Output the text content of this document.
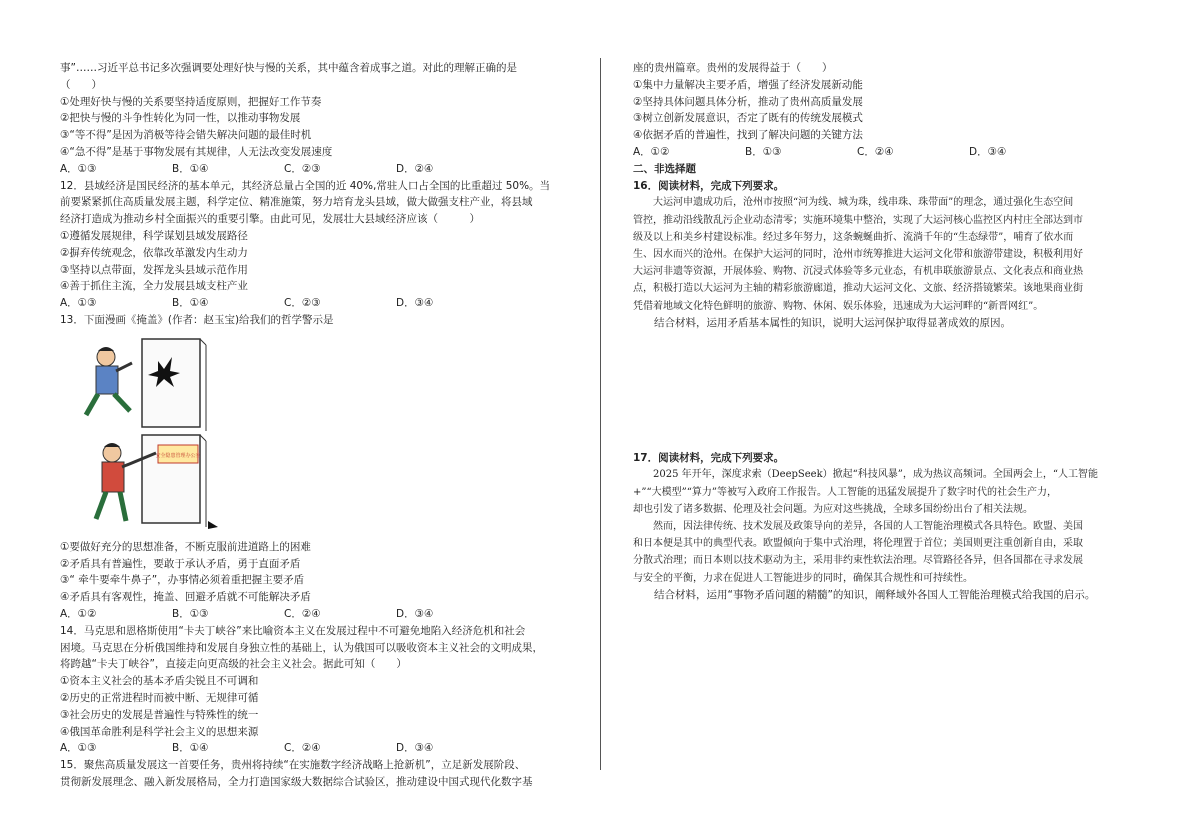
事”……习近平总书记多次强调要处理好快与慢的关系，其中蕴含着成事之道。对此的理解正确的是
（　　）
①处理好快与慢的关系要坚持适度原则，把握好工作节奏
②把快与慢的斗争性转化为同一性，以推动事物发展
③“等不得”是因为消极等待会错失解决问题的最佳时机
④“急不得”是基于事物发展有其规律，人无法改变发展速度
A．①③	B．①④	C．②③	D．②④
12．县域经济是国民经济的基本单元，其经济总量占全国的近 40%,常驻人口占全国的比重超过 50%。当
前要紧紧抓住高质量发展主题，科学定位、精准施策，努力培育龙头县域，做大做强支柱产业，将县域
经济打造成为推动乡村全面振兴的重要引擎。由此可见，发展壮大县域经济应该（　　　）
①遵循发展规律，科学谋划县域发展路径
②摒弃传统观念，依靠改革激发内生动力
③坚持以点带面，发挥龙头县域示范作用
④善于抓住主流，全力发展县域支柱产业
A．①③	B．①④	C．②③	D．③④
13．下面漫画《掩盖》(作者：赵玉宝)给我们的哲学警示是
安全隐患管理办公室
①要做好充分的思想准备，不断克服前进道路上的困难
②矛盾具有普遍性，要敢于承认矛盾，勇于直面矛盾
③“ 牵牛要牵牛鼻子”，办事情必须着重把握主要矛盾
④矛盾具有客观性，掩盖、回避矛盾就不可能解决矛盾
A．①②	B．①③	C．②④	D．③④
14．马克思和恩格斯使用“卡夫丁峡谷”来比喻资本主义在发展过程中不可避免地陷入经济危机和社会
困境。马克思在分析俄国维持和发展自身独立性的基础上，认为俄国可以吸收资本主义社会的文明成果，
将跨越“卡夫丁峡谷”，直接走向更高级的社会主义社会。据此可知（　　）
①资本主义社会的基本矛盾尖锐且不可调和
②历史的正常进程时而被中断、无规律可循
③社会历史的发展是普遍性与特殊性的统一
④俄国革命胜利是科学社会主义的思想来源
A．①③	B．①④	C．②④	D．③④
15．聚焦高质量发展这一首要任务，贵州将持续“在实施数字经济战略上抢新机”，立足新发展阶段、
贯彻新发展理念、融入新发展格局，全力打造国家级大数据综合试验区，推动建设中国式现代化数字基
座的贵州篇章。贵州的发展得益于（　　）
①集中力量解决主要矛盾，增强了经济发展新动能
②坚持具体问题具体分析，推动了贵州高质量发展
③树立创新发展意识，否定了既有的传统发展模式
④依据矛盾的普遍性，找到了解决问题的关键方法
A．①②	B．①③	C．②④	D．③④
二、非选择题
16．阅读材料，完成下列要求。
　　大运河申遗成功后，沧州市按照“河为线、城为珠，线串珠、珠带面”的理念，通过强化生态空间
管控，推动沿线散乱污企业动态清零；实施环境集中整治，实现了大运河核心监控区内村庄全部达到市
级及以上和美乡村建设标准。经过多年努力，这条蜿蜒曲折、流淌千年的“生态绿带”，哺育了依水而
生、因水而兴的沧州。在保护大运河的同时，沧州市统筹推进大运河文化带和旅游带建设，积极利用好
大运河非遗等资源，开展体验、购物、沉浸式体验等多元业态，有机串联旅游景点、文化表点和商业热
点，积极打造以大运河为主轴的精彩旅游廊道，推动大运河文化、文旅、经济搭镜繁荣。该地果商业街
凭借着地域文化特色鲜明的旅游、购物、休闲、娱乐体验，迅速成为大运河畔的“新晋网红”。
　　结合材料，运用矛盾基本属性的知识，说明大运河保护取得显著成效的原因。
17．阅读材料，完成下列要求。
　　2025 年开年，深度求索（DeepSeek）掀起“科技风暴”，成为热议高频词。全国两会上，“人工智能
+”“大模型”“算力”等被写入政府工作报告。人工智能的迅猛发展提升了数字时代的社会生产力，
却也引发了诸多数据、伦理及社会问题。为应对这些挑战，全球多国纷纷出台了相关法规。
　　然而，因法律传统、技术发展及政策导向的差异，各国的人工智能治理模式各具特色。欧盟、美国
和日本便是其中的典型代表。欧盟倾向于集中式治理，将伦理置于首位；美国则更注重创新自由，采取
分散式治理；而日本则以技术驱动为主，采用非约束性软法治理。尽管路径各异，但各国都在寻求发展
与安全的平衡，力求在促进人工智能进步的同时，确保其合规性和可持续性。
　　结合材料，运用“事物矛盾问题的精髓”的知识，阐释域外各国人工智能治理模式给我国的启示。
